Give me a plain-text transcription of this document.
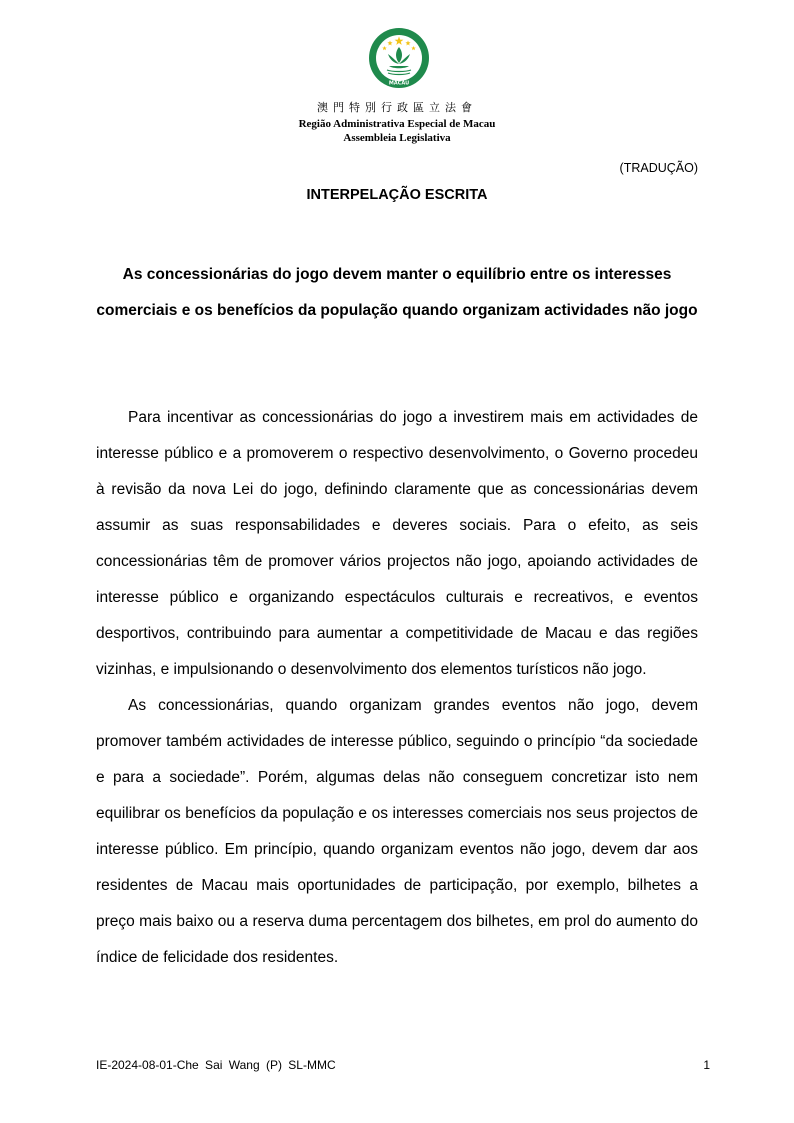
MACAU
澳門特別行政區立法會
Região Administrativa Especial de Macau
Assembleia Legislativa
(TRADUÇÃO)
INTERPELAÇÃO ESCRITA
As concessionárias do jogo devem manter o equilíbrio entre os interesses comerciais e os benefícios da população quando organizam actividades não jogo

Para incentivar as concessionárias do jogo a investirem mais em actividades de interesse público e a promoverem o respectivo desenvolvimento, o Governo procedeu à revisão da nova Lei do jogo, definindo claramente que as concessionárias devem assumir as suas responsabilidades e deveres sociais. Para o efeito, as seis concessionárias têm de promover vários projectos não jogo, apoiando actividades de interesse público e organizando espectáculos culturais e recreativos, e eventos desportivos, contribuindo para aumentar a competitividade de Macau e das regiões vizinhas, e impulsionando o desenvolvimento dos elementos turísticos não jogo.

As concessionárias, quando organizam grandes eventos não jogo, devem promover também actividades de interesse público, seguindo o princípio “da sociedade e para a sociedade”. Porém, algumas delas não conseguem concretizar isto nem equilibrar os benefícios da população e os interesses comerciais nos seus projectos de interesse público. Em princípio, quando organizam eventos não jogo, devem dar aos residentes de Macau mais oportunidades de participação, por exemplo, bilhetes a preço mais baixo ou a reserva duma percentagem dos bilhetes, em prol do aumento do índice de felicidade dos residentes.

IE-2024-08-01-Che Sai Wang (P) SL-MMC	1
